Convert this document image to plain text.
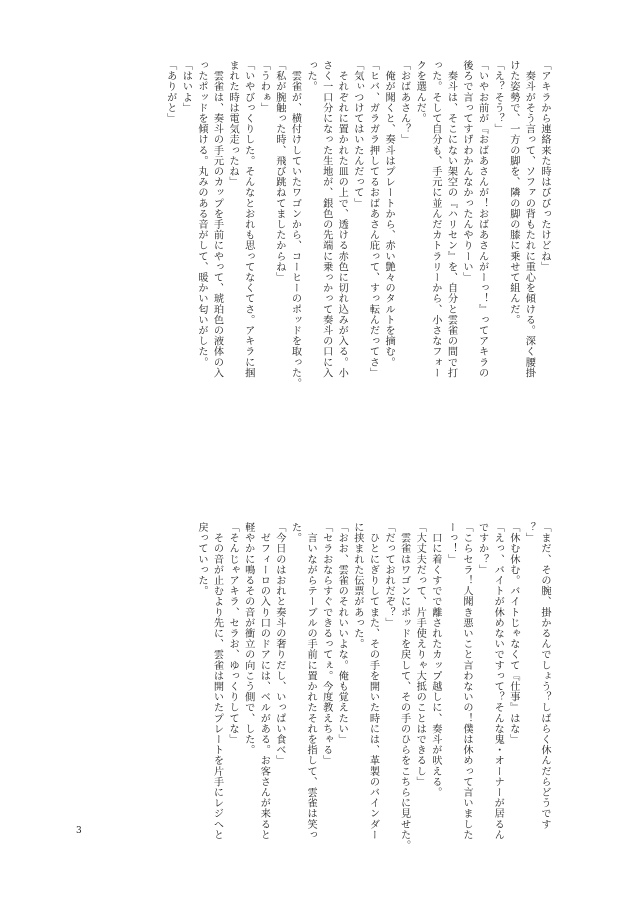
「アキラから連絡来た時はびびったけどね」
　奏斗がそう言って、ソファの背もたれに重心を傾ける。深く腰掛
けた姿勢で、一方の脚を、隣の脚の膝に乗せて組んだ。
「え？そう？」
「いやお前が『おばあさんが！おばあさんがーっ！』ってアキラの
後ろで言ってすげわかんなかったんやりーい」
　奏斗は、そこにない架空の『ハリセン』を、自分と雲雀の間で打
った。そして自分も、手元に並んだカトラリーから、小さなフォー
クを選んだ。
「おばあさん？」
　俺が聞くと、奏斗はプレートから、赤い艶々のタルトを摘む。
「ヒバ、ガラガラ押してるおばあさん庇って、すっ転んだってさ」
「気ぃつけてはいたんだって」
　それぞれに置かれた皿の上で、透ける赤色に切れ込みが入る。小
さく一口分になった生地が、銀色の先端に乗っかって奏斗の口に入
った。
　雲雀が、横付けしていたワゴンから、コーヒーのポッドを取った。
「私が腕触った時、飛び跳ねてましたからね」
「うわぁ」
「いやびっくりした。そんなとおれも思ってなくてさ。アキラに掴
まれた時は電気走ったね」
　雲雀は、奏斗の手元のカップを手前にやって、琥珀色の液体の入
ったポッドを傾ける。丸みのある音がして、暖かい匂いがした。
「はいよ」
「ありがと」
「まだ、その腕、掛かるんでしょう？しばらく休んだらどうです
？」
「休む休む。バイトじゃなくて『仕事』はな」
「えっ、バイトが休めないですって？そんな鬼・オーナーが居るん
ですか？」
「こらセラ！人聞き悪いこと言わないの！僕は休めって言いました
ーっ！」
　口に着くすでで離されたカップ越しに、奏斗が吠える。
「大丈夫だって、片手使えりゃ大抵のことはできるし」
　雲雀はワゴンにポッドを戻して、その手のひらをこちらに見せた。
「だっておれだぞ？」
　ひとにぎりしてまた、その手を開いた時には、革製のバインダー
に挟まれた伝票があった。
「おお、雲雀のそれいいよな。俺も覚えたい」
「セラおならすぐできるってぇ。今度教えちゃる」
　言いながらテーブルの手前に置かれたそれを指して、雲雀は笑っ
た。
「今日のはおれと奏斗の奢りだし、いっぱい食べ」
　ゼフィーロの入り口のドアには、ベルがある。お客さんが来ると
軽やかに鳴るその音が衝立の向こう側で、した。
「そんじゃアキラ、セラお、ゆっくりしてな」
　その音が止むより先に、雲雀は開いたプレートを片手にレジへと
戻っていった。
3
